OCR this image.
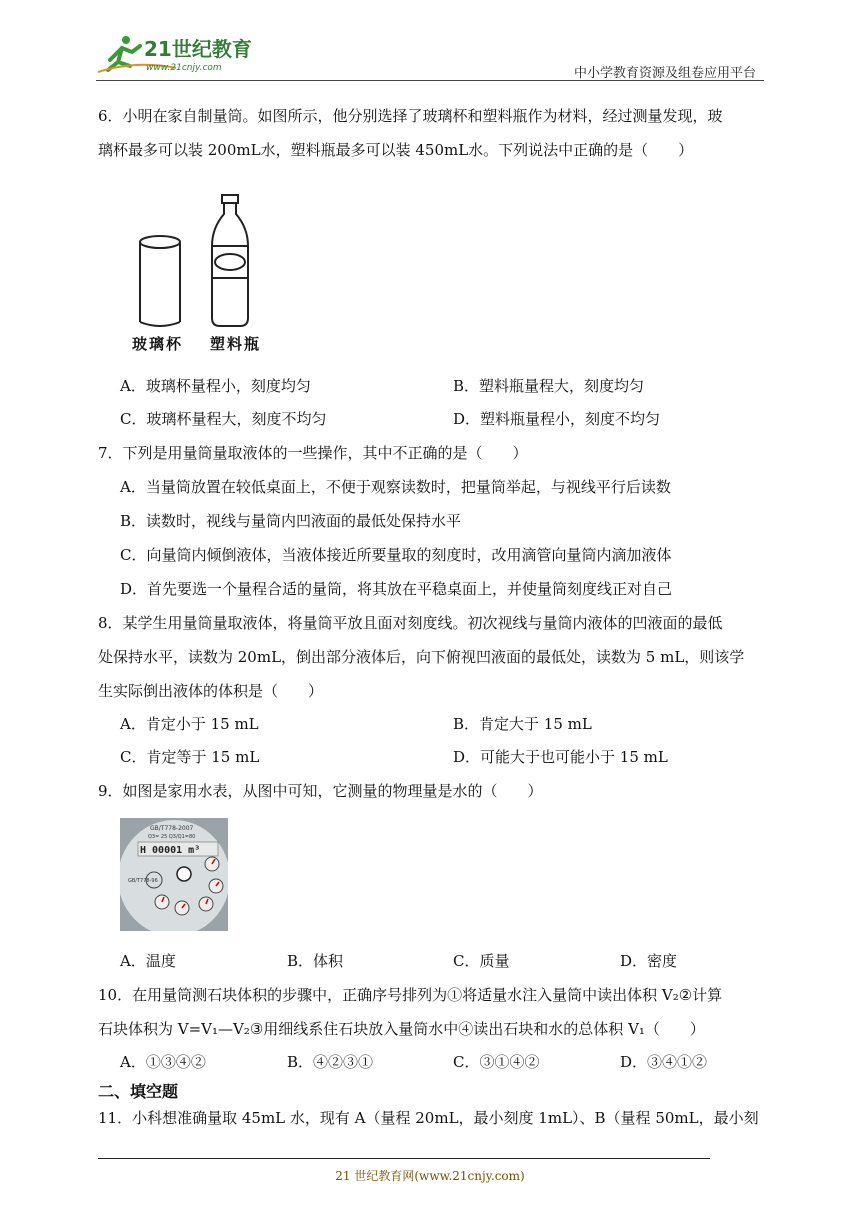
21世纪教育
www.21cnjy.com	中小学教育资源及组卷应用平台
6．小明在家自制量筒。如图所示，他分别选择了玻璃杯和塑料瓶作为材料，经过测量发现，玻
璃杯最多可以装 200mL水，塑料瓶最多可以装 450mL水。下列说法中正确的是（　　）
玻璃杯 塑料瓶
A．玻璃杯量程小，刻度均匀	B．塑料瓶量程大，刻度均匀
C．玻璃杯量程大，刻度不均匀	D．塑料瓶量程小，刻度不均匀
7．下列是用量筒量取液体的一些操作，其中不正确的是（　　）
A．当量筒放置在较低桌面上，不便于观察读数时，把量筒举起，与视线平行后读数
B．读数时，视线与量筒内凹液面的最低处保持水平
C．向量筒内倾倒液体，当液体接近所要量取的刻度时，改用滴管向量筒内滴加液体
D．首先要选一个量程合适的量筒，将其放在平稳桌面上，并使量筒刻度线正对自己
8．某学生用量筒量取液体，将量筒平放且面对刻度线。初次视线与量筒内液体的凹液面的最低
处保持水平，读数为 20mL，倒出部分液体后，向下俯视凹液面的最低处，读数为 5 mL，则该学
生实际倒出液体的体积是（　　）
A．肯定小于 15 mL	B．肯定大于 15 mL
C．肯定等于 15 mL	D．可能大于也可能小于 15 mL
9．如图是家用水表，从图中可知，它测量的物理量是水的（　　）
GB/T778-2007
Q3= 25 Q3/Q1=80
H 00001 m³
GB/T778-96
A．温度	B．体积	C．质量	D．密度
10．在用量筒测石块体积的步骤中，正确序号排列为①将适量水注入量筒中读出体积 V₂②计算
石块体积为 V=V₁—V₂③用细线系住石块放入量筒水中④读出石块和水的总体积 V₁（　　）
A．①③④②	B．④②③①	C．③①④②	D．③④①②
二、填空题
11．小科想准确量取 45mL 水，现有 A（量程 20mL，最小刻度 1mL）、B（量程 50mL，最小刻
21 世纪教育网(www.21cnjy.com)
